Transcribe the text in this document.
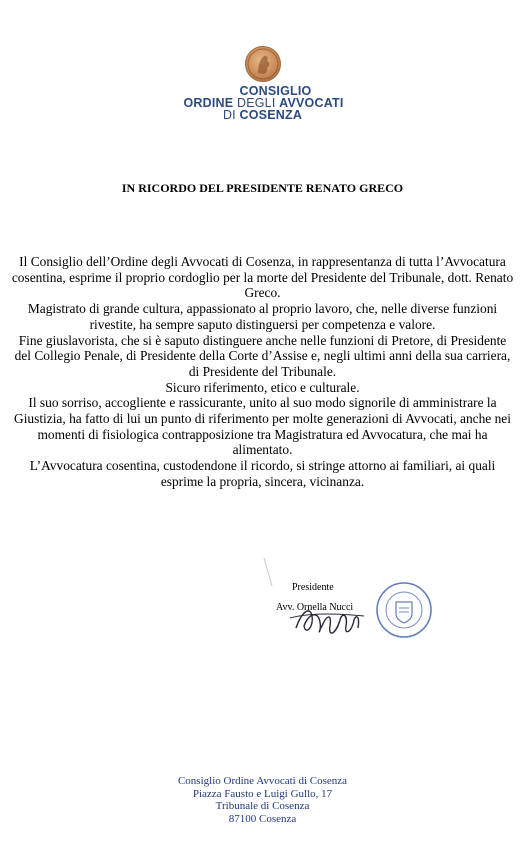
CONSIGLIO
ORDINE DEGLI AVVOCATI
DI COSENZA
IN RICORDO DEL PRESIDENTE RENATO GRECO

Il Consiglio dell’Ordine degli Avvocati di Cosenza, in rappresentanza di tutta l’Avvocatura cosentina, esprime il proprio cordoglio per la morte del Presidente del Tribunale, dott. Renato Greco.

Magistrato di grande cultura, appassionato al proprio lavoro, che, nelle diverse funzioni rivestite, ha sempre saputo distinguersi per competenza e valore.

Fine giuslavorista, che si è saputo distinguere anche nelle funzioni di Pretore, di Presidente del Collegio Penale, di Presidente della Corte d’Assise e, negli ultimi anni della sua carriera, di Presidente del Tribunale.

Sicuro riferimento, etico e culturale.

Il suo sorriso, accogliente e rassicurante, unito al suo modo signorile di amministrare la Giustizia, ha fatto di lui un punto di riferimento per molte generazioni di Avvocati, anche nei momenti di fisiologica contrapposizione tra Magistratura ed Avvocatura, che mai ha alimentato.

L’Avvocatura cosentina, custodendone il ricordo, si stringe attorno ai familiari, ai quali esprime la propria, sincera, vicinanza.

Presidente
Avv. Ornella Nucci
Consiglio Ordine Avvocati di Cosenza
Piazza Fausto e Luigi Gullo, 17
Tribunale di Cosenza
87100 Cosenza
